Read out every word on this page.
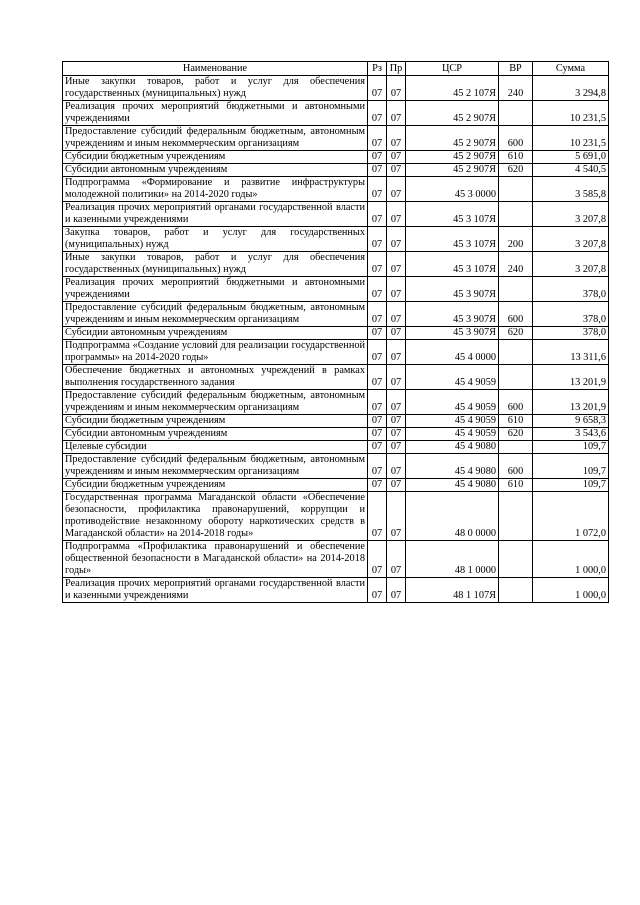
Наименование	Рз	Пр	ЦСР	ВР	Сумма
Иные закупки товаров, работ и услуг для обеспечения государственных (муниципальных) нужд	07	07	45 2 107Я	240	3 294,8
Реализация прочих мероприятий бюджетными и автономными учреждениями	07	07	45 2 907Я		10 231,5
Предоставление субсидий федеральным бюджетным, автономным учреждениям и иным некоммерческим организациям	07	07	45 2 907Я	600	10 231,5
Субсидии бюджетным учреждениям	07	07	45 2 907Я	610	5 691,0
Субсидии автономным учреждениям	07	07	45 2 907Я	620	4 540,5
Подпрограмма «Формирование и развитие инфраструктуры молодежной политики» на 2014-2020 годы»	07	07	45 3 0000		3 585,8
Реализация прочих мероприятий органами государственной власти и казенными учреждениями	07	07	45 3 107Я		3 207,8
Закупка товаров, работ и услуг для государственных (муниципальных) нужд	07	07	45 3 107Я	200	3 207,8
Иные закупки товаров, работ и услуг для обеспечения государственных (муниципальных) нужд	07	07	45 3 107Я	240	3 207,8
Реализация прочих мероприятий бюджетными и автономными учреждениями	07	07	45 3 907Я		378,0
Предоставление субсидий федеральным бюджетным, автономным учреждениям и иным некоммерческим организациям	07	07	45 3 907Я	600	378,0
Субсидии автономным учреждениям	07	07	45 3 907Я	620	378,0
Подпрограмма «Создание условий для реализации государственной программы» на 2014-2020 годы»	07	07	45 4 0000		13 311,6
Обеспечение бюджетных и автономных учреждений в рамках выполнения государственного задания	07	07	45 4 9059		13 201,9
Предоставление субсидий федеральным бюджетным, автономным учреждениям и иным некоммерческим организациям	07	07	45 4 9059	600	13 201,9
Субсидии бюджетным учреждениям	07	07	45 4 9059	610	9 658,3
Субсидии автономным учреждениям	07	07	45 4 9059	620	3 543,6
Целевые субсидии	07	07	45 4 9080		109,7
Предоставление субсидий федеральным бюджетным, автономным учреждениям и иным некоммерческим организациям	07	07	45 4 9080	600	109,7
Субсидии бюджетным учреждениям	07	07	45 4 9080	610	109,7
Государственная программа Магаданской области «Обеспечение безопасности, профилактика правонарушений, коррупции и противодействие незаконному обороту наркотических средств в Магаданской области» на 2014-2018 годы»	07	07	48 0 0000		1 072,0
Подпрограмма «Профилактика правонарушений и обеспечение общественной безопасности в Магаданской области» на 2014-2018 годы»	07	07	48 1 0000		1 000,0
Реализация прочих мероприятий органами государственной власти и казенными учреждениями	07	07	48 1 107Я		1 000,0
